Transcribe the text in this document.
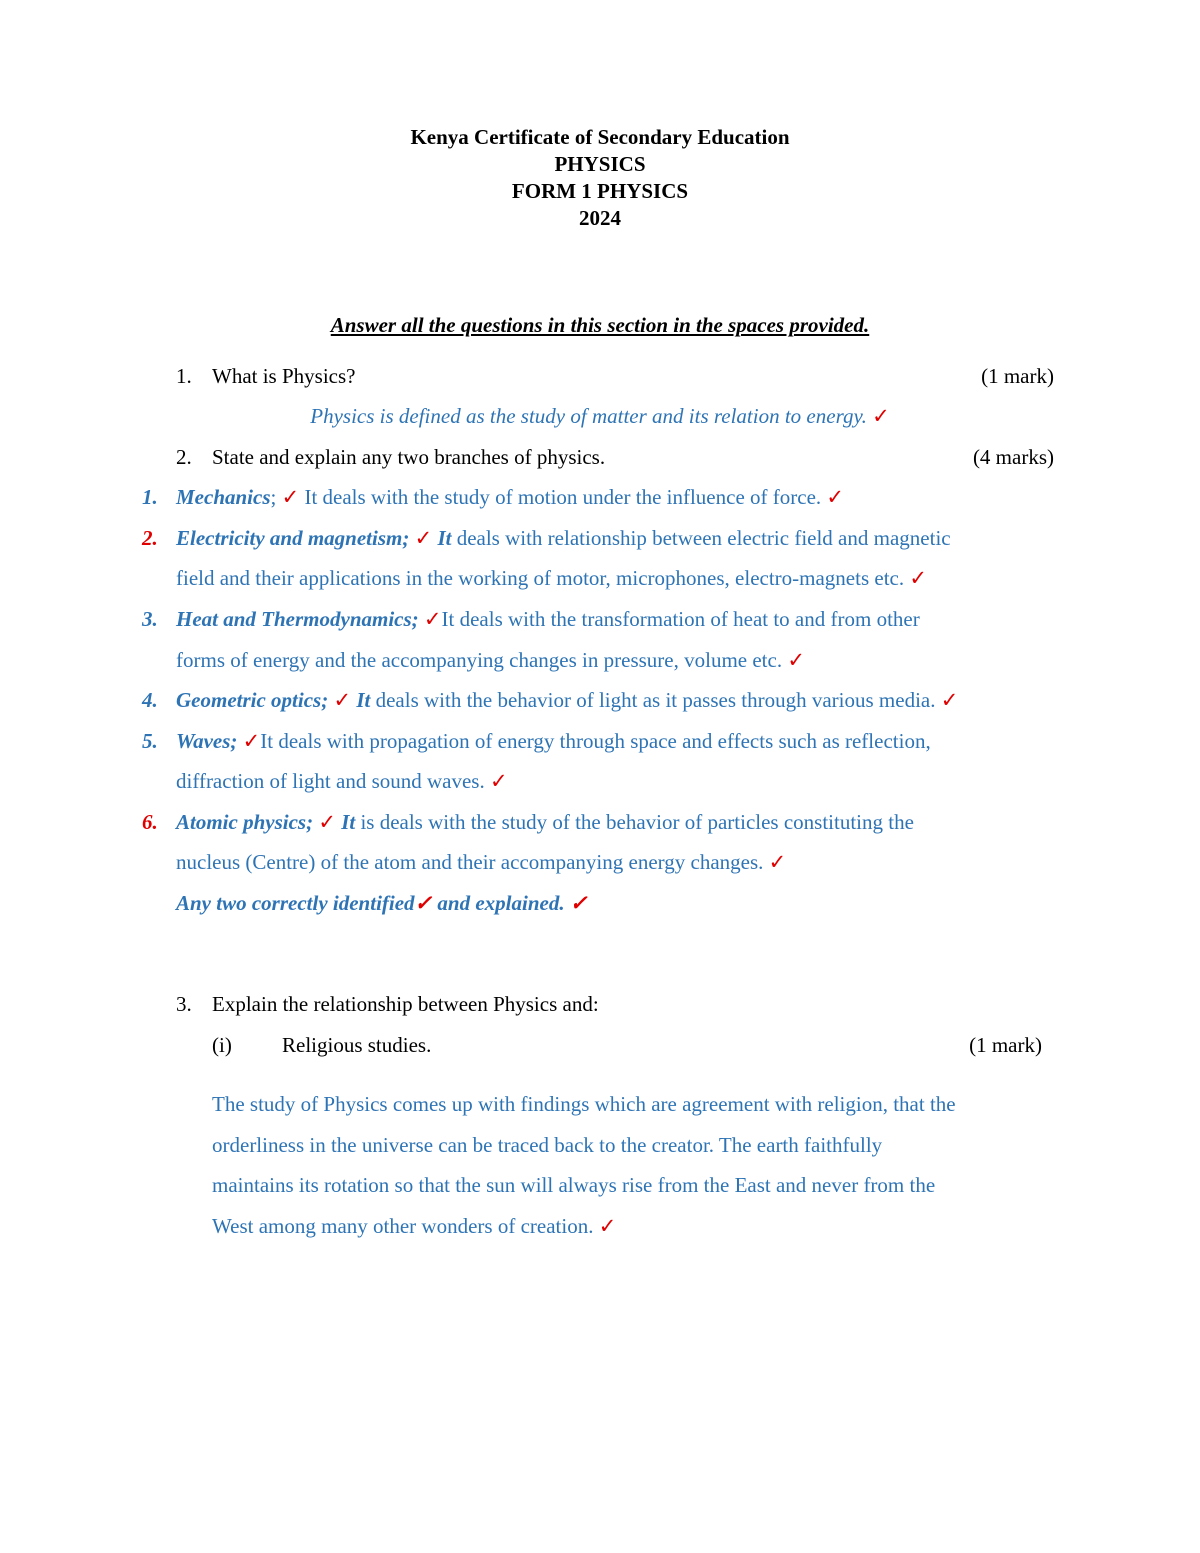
Kenya Certificate of Secondary Education
PHYSICS
FORM 1 PHYSICS
2024
Answer all the questions in this section in the spaces provided.
1. What is Physics?	(1 mark)
Physics is defined as the study of matter and its relation to energy. ✓
2. State and explain any two branches of physics.	(4 marks)
1. Mechanics; ✓ It deals with the study of motion under the influence of force. ✓
2. Electricity and magnetism; ✓ It deals with relationship between electric field and magnetic
field and their applications in the working of motor, microphones, electro-magnets etc. ✓
3. Heat and Thermodynamics; ✓It deals with the transformation of heat to and from other
forms of energy and the accompanying changes in pressure, volume etc. ✓
4. Geometric optics; ✓ It deals with the behavior of light as it passes through various media. ✓
5. Waves; ✓It deals with propagation of energy through space and effects such as reflection,
diffraction of light and sound waves. ✓
6. Atomic physics; ✓ It is deals with the study of the behavior of particles constituting the
nucleus (Centre) of the atom and their accompanying energy changes. ✓
Any two correctly identified✓ and explained. ✓
3. Explain the relationship between Physics and:
(i) Religious studies.	(1 mark)
The study of Physics comes up with findings which are agreement with religion, that the
orderliness in the universe can be traced back to the creator. The earth faithfully
maintains its rotation so that the sun will always rise from the East and never from the
West among many other wonders of creation. ✓
